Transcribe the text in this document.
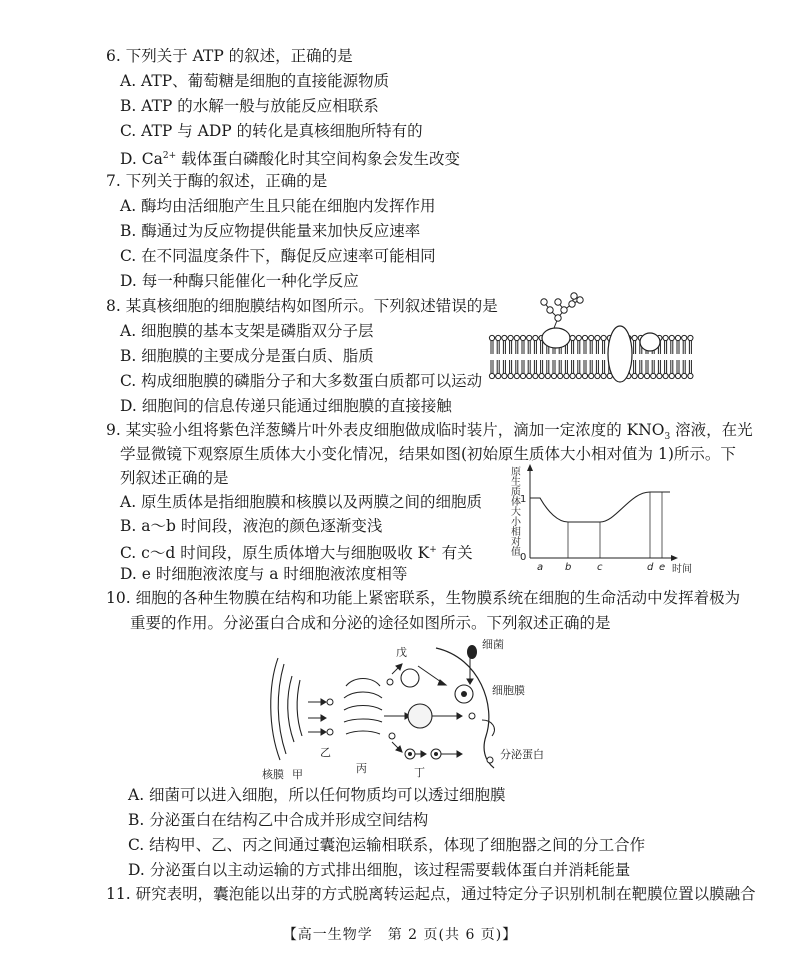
6. 下列关于 ATP 的叙述，正确的是
A. ATP、葡萄糖是细胞的直接能源物质
B. ATP 的水解一般与放能反应相联系
C. ATP 与 ADP 的转化是真核细胞所特有的
D. $Ca^{2+}$ 载体蛋白磷酸化时其空间构象会发生改变
7. 下列关于酶的叙述，正确的是
A. 酶均由活细胞产生且只能在细胞内发挥作用
B. 酶通过为反应物提供能量来加快反应速率
C. 在不同温度条件下，酶促反应速率可能相同
D. 每一种酶只能催化一种化学反应
8. 某真核细胞的细胞膜结构如图所示。下列叙述错误的是
A. 细胞膜的基本支架是磷脂双分子层
B. 细胞膜的主要成分是蛋白质、脂质
C. 构成细胞膜的磷脂分子和大多数蛋白质都可以运动
D. 细胞间的信息传递只能通过细胞膜的直接接触
9. 某实验小组将紫色洋葱鳞片叶外表皮细胞做成临时装片，滴加一定浓度的 $KNO_3$ 溶液，在光
学显微镜下观察原生质体大小变化情况，结果如图(初始原生质体大小相对值为 1)所示。下
列叙述正确的是
A. 原生质体是指细胞膜和核膜以及两膜之间的细胞质
B. a～b 时间段，液泡的颜色逐渐变浅
C. c～d 时间段，原生质体增大与细胞吸收 K+ 有关
D. e 时细胞液浓度与 a 时细胞液浓度相等
原生质体大小相对值 1
0
时间
a b	c	d e
10. 细胞的各种生物膜在结构和功能上紧密联系，生物膜系统在细胞的生命活动中发挥着极为
重要的作用。分泌蛋白合成和分泌的途径如图所示。下列叙述正确的是
戊
细菌
细胞膜
核膜 甲
乙
丙	丁
分泌蛋白
A. 细菌可以进入细胞，所以任何物质均可以透过细胞膜
B. 分泌蛋白在结构乙中合成并形成空间结构
C. 结构甲、乙、丙之间通过囊泡运输相联系，体现了细胞器之间的分工合作
D. 分泌蛋白以主动运输的方式排出细胞，该过程需要载体蛋白并消耗能量
11. 研究表明，囊泡能以出芽的方式脱离转运起点，通过特定分子识别机制在靶膜位置以膜融合
【高一生物学　第 2 页(共 6 页)】
